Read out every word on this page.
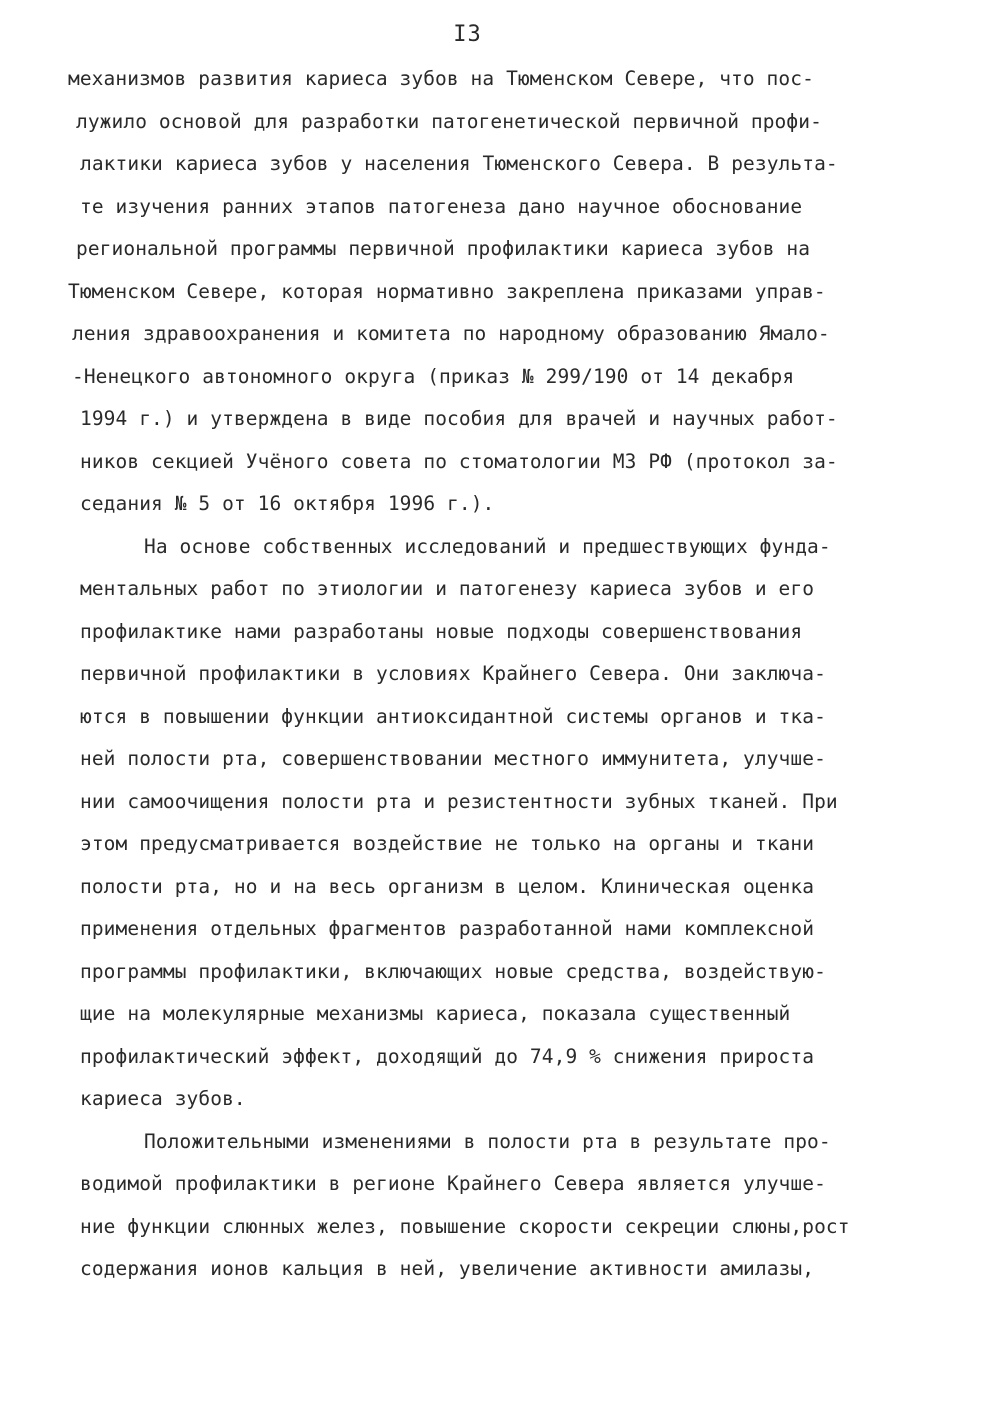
I3
механизмов развития кариеса зубов на Тюменском Севере, что пос-
лужило основой для разработки патогенетической первичной профи-
лактики кариеса зубов у населения Тюменского Севера. В результа-
те изучения ранних этапов патогенеза дано научное обоснование
региональной программы первичной профилактики кариеса зубов на
Тюменском Севере, которая нормативно закреплена приказами управ-
ления здравоохранения и комитета по народному образованию Ямало-
-Ненецкого автономного округа (приказ № 299/190 от 14 декабря
1994 г.) и утверждена в виде пособия для врачей и научных работ-
ников секцией Учёного совета по стоматологии МЗ РФ (протокол за-
седания № 5 от 16 октября 1996 г.).
На основе собственных исследований и предшествующих фунда-
ментальных работ по этиологии и патогенезу кариеса зубов и его
профилактике нами разработаны новые подходы совершенствования
первичной профилактики в условиях Крайнего Севера. Они заключа-
ются в повышении функции антиоксидантной системы органов и тка-
ней полости рта, совершенствовании местного иммунитета, улучше-
нии самоочищения полости рта и резистентности зубных тканей. При
этом предусматривается воздействие не только на органы и ткани
полости рта, но и на весь организм в целом. Клиническая оценка
применения отдельных фрагментов разработанной нами комплексной
программы профилактики, включающих новые средства, воздействую-
щие на молекулярные механизмы кариеса, показала существенный
профилактический эффект, доходящий до 74,9 % снижения прироста
кариеса зубов.
Положительными изменениями в полости рта в результате про-
водимой профилактики в регионе Крайнего Севера является улучше-
ние функции слюнных желез, повышение скорости секреции слюны,рост
содержания ионов кальция в ней, увеличение активности амилазы,
